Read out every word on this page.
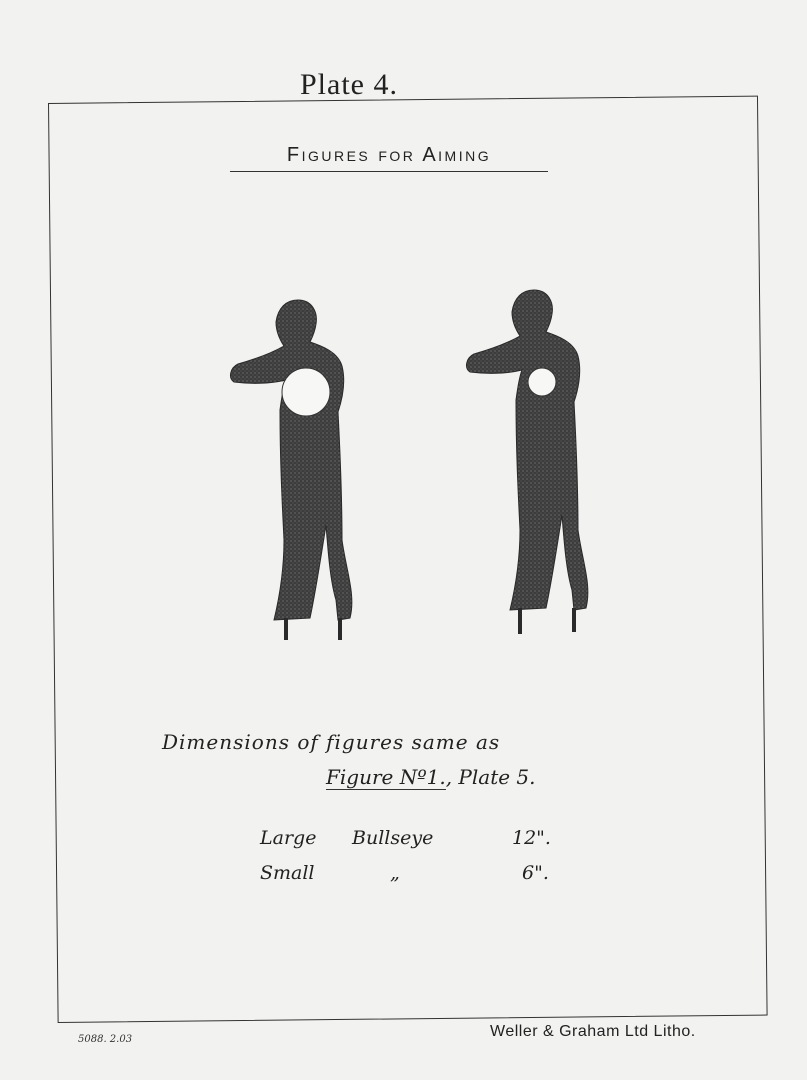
Plate 4.
Figures for Aiming
Dimensions of figures same as
Figure Nº1., Plate 5.
Large Bullseye	12".
Small	„	6".
5088. 2.03	Weller & Graham Ltd Litho.
